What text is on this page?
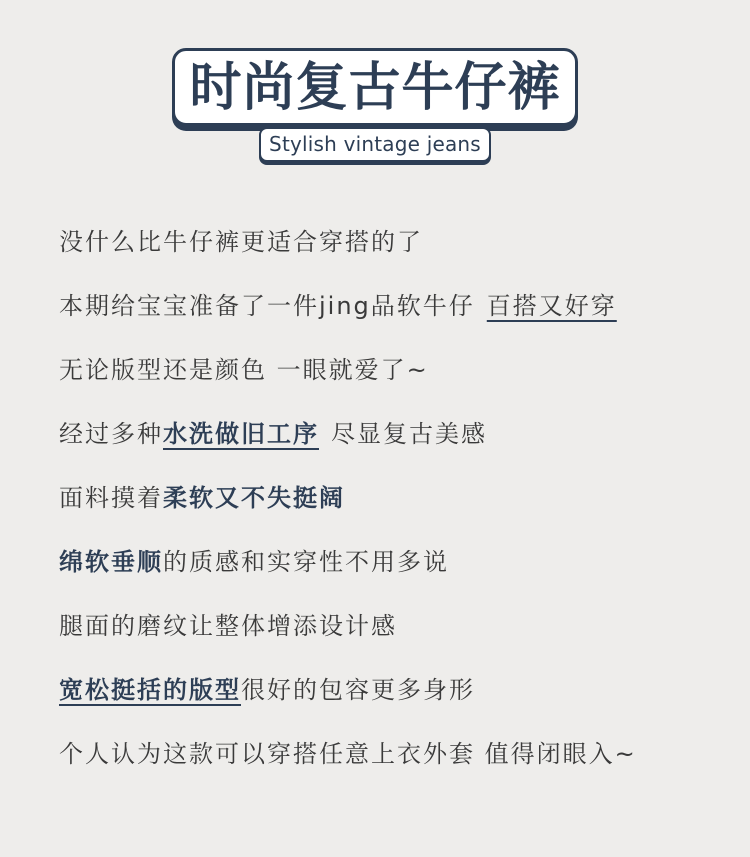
时尚复古牛仔裤
Stylish vintage jeans
没什么比牛仔裤更适合穿搭的了
本期给宝宝准备了一件jing品软牛仔 百搭又好穿
无论版型还是颜色 一眼就爱了~
经过多种水洗做旧工序 尽显复古美感
面料摸着柔软又不失挺阔
绵软垂顺的质感和实穿性不用多说
腿面的磨纹让整体增添设计感
宽松挺括的版型很好的包容更多身形
个人认为这款可以穿搭任意上衣外套 值得闭眼入~
